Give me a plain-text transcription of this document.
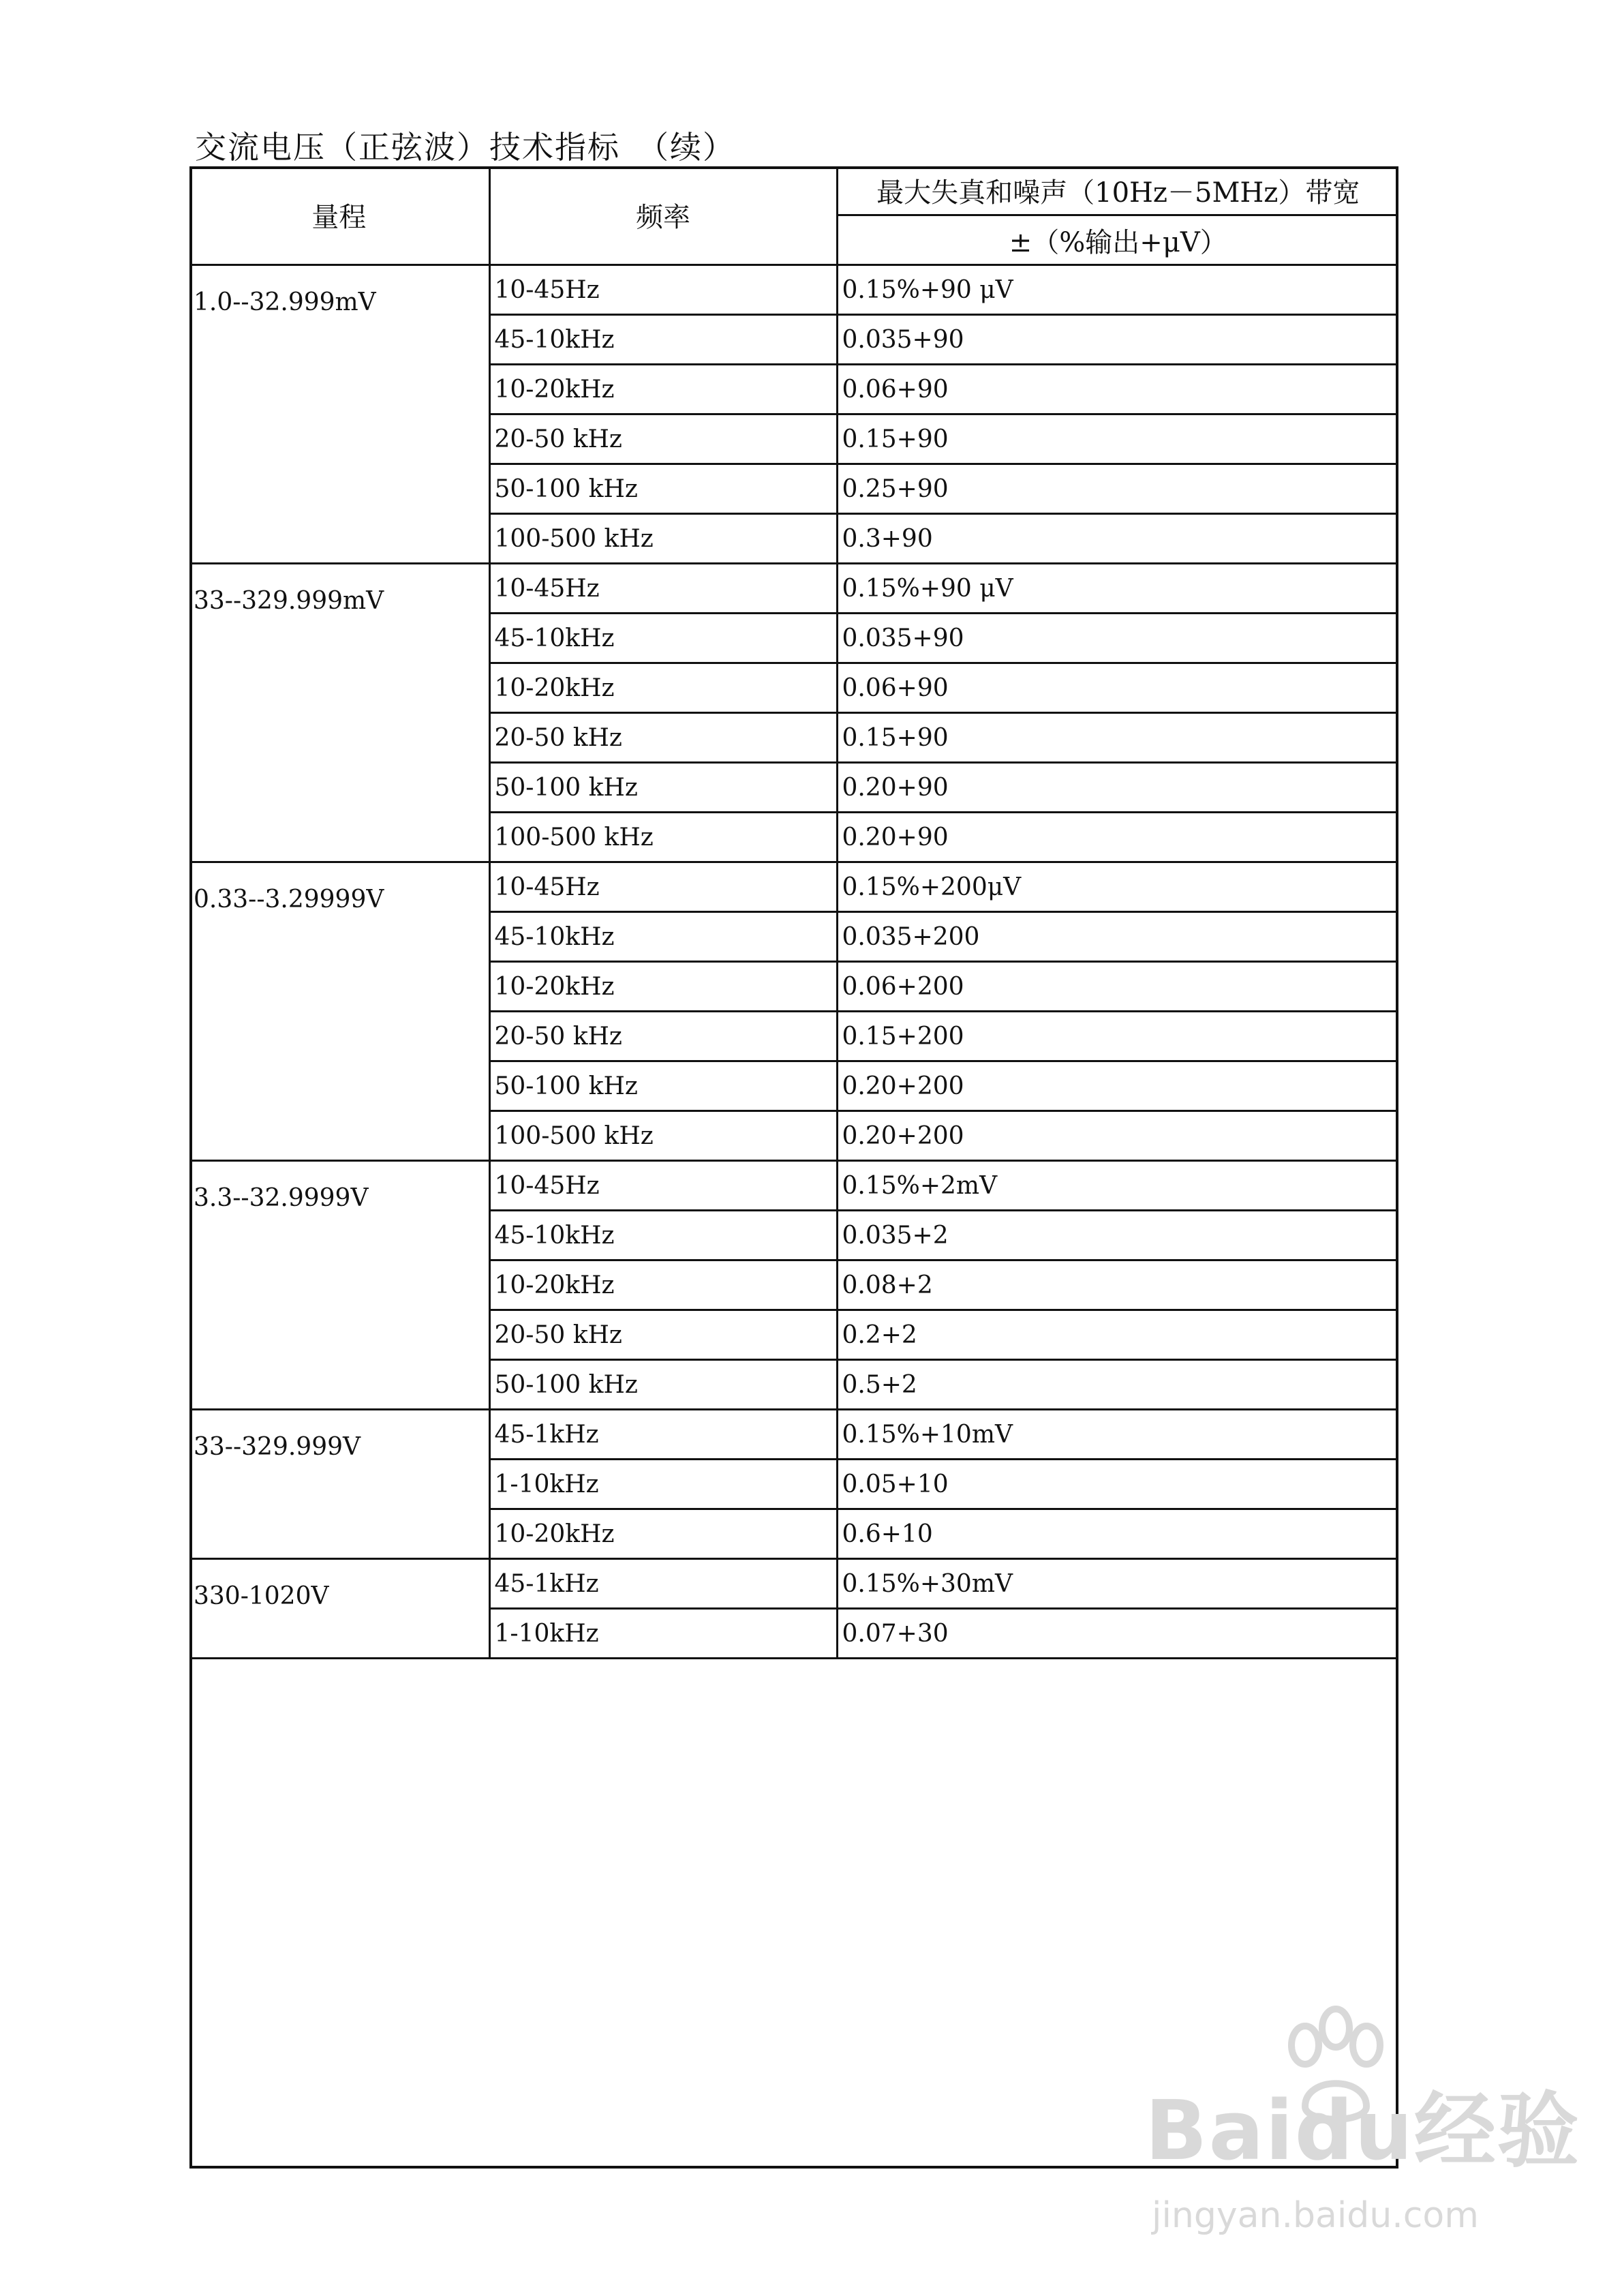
交流电压（正弦波）技术指标　（续）
量程	频率	最大失真和噪声（10Hz－5MHz）带宽
		±（%输出+μV）
1.0--32.999mV	10-45Hz	0.15%+90 μV
	45-10kHz	0.035+90
	10-20kHz	0.06+90
	20-50 kHz	0.15+90
	50-100 kHz	0.25+90
	100-500 kHz	0.3+90
33--329.999mV	10-45Hz	0.15%+90 μV
	45-10kHz	0.035+90
	10-20kHz	0.06+90
	20-50 kHz	0.15+90
	50-100 kHz	0.20+90
	100-500 kHz	0.20+90
0.33--3.29999V	10-45Hz	0.15%+200μV
	45-10kHz	0.035+200
	10-20kHz	0.06+200
	20-50 kHz	0.15+200
	50-100 kHz	0.20+200
	100-500 kHz	0.20+200
3.3--32.9999V	10-45Hz	0.15%+2mV
	45-10kHz	0.035+2
	10-20kHz	0.08+2
	20-50 kHz	0.2+2
	50-100 kHz	0.5+2
33--329.999V	45-1kHz	0.15%+10mV
	1-10kHz	0.05+10
	10-20kHz	0.6+10
330-1020V	45-1kHz	0.15%+30mV
	1-10kHz	0.07+30
Baidu经验
jingyan.baidu.com
